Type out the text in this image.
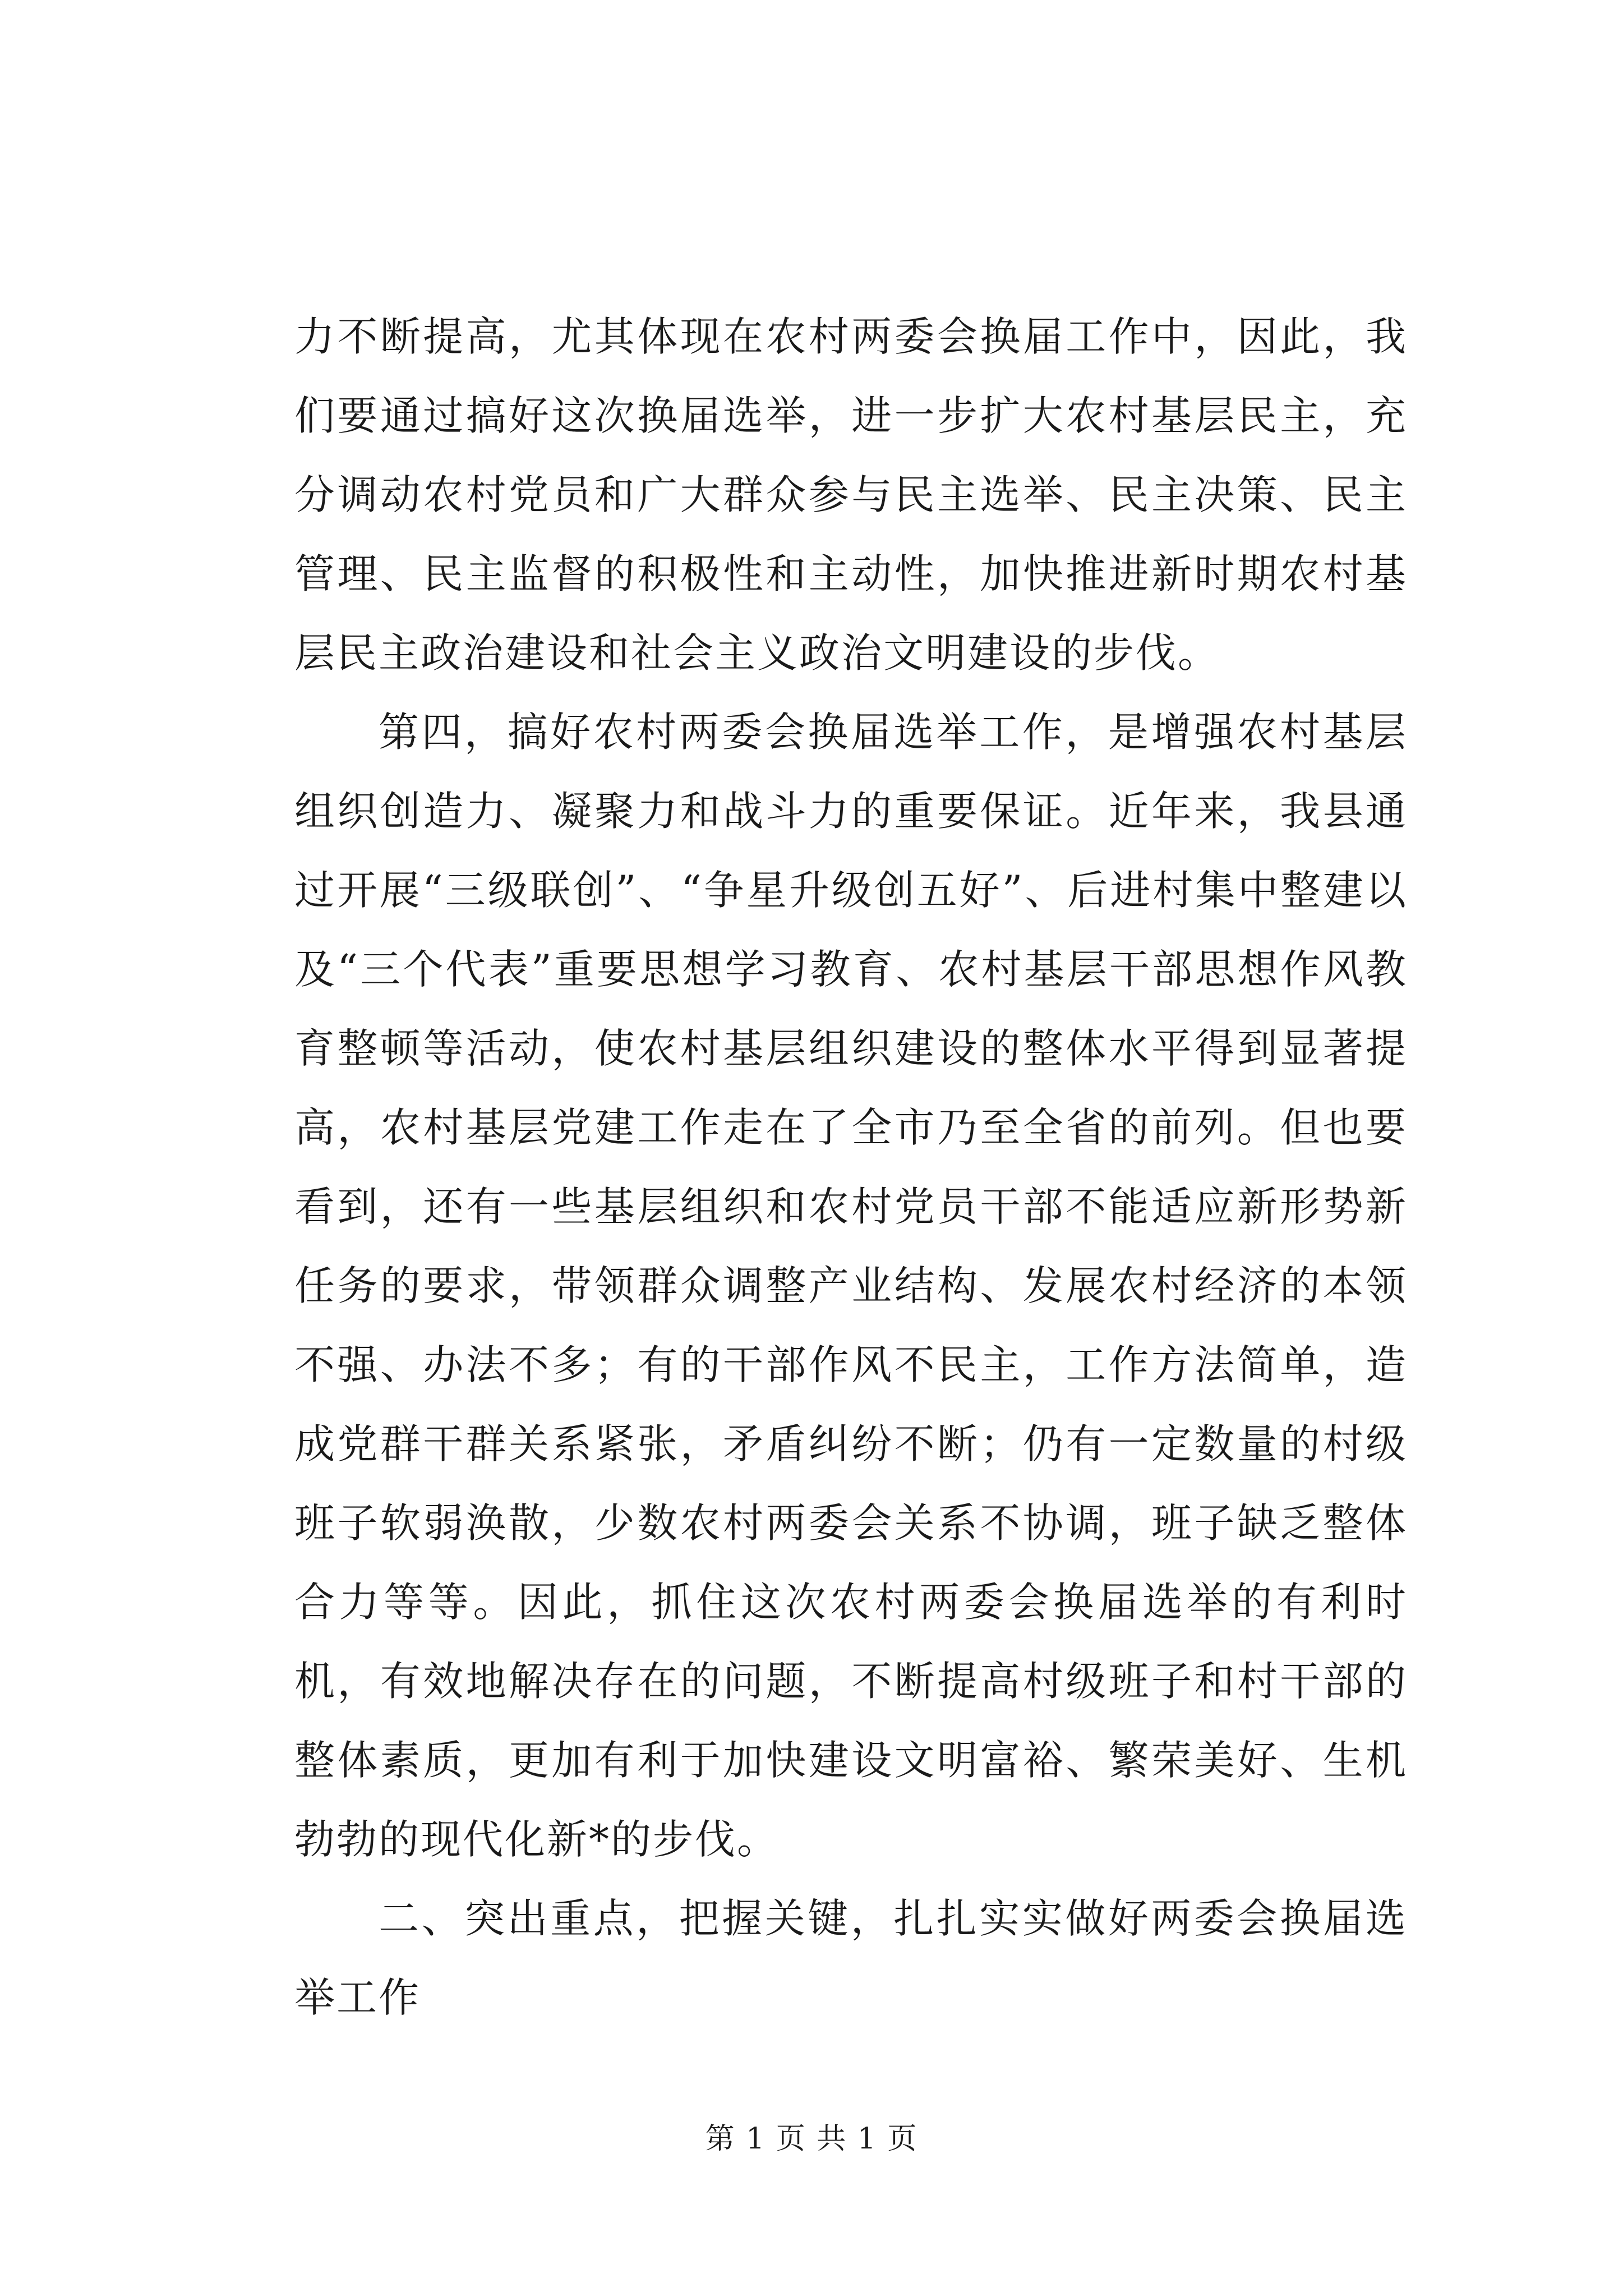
力不断提高，尤其体现在农村两委会换届工作中，因此，我们要通过搞好这次换届选举，进一步扩大农村基层民主，充分调动农村党员和广大群众参与民主选举、民主决策、民主管理、民主监督的积极性和主动性，加快推进新时期农村基层民主政治建设和社会主义政治文明建设的步伐。

第四，搞好农村两委会换届选举工作，是增强农村基层组织创造力、凝聚力和战斗力的重要保证。近年来，我县通过开展“三级联创”、“争星升级创五好”、后进村集中整建以及“三个代表”重要思想学习教育、农村基层干部思想作风教育整顿等活动，使农村基层组织建设的整体水平得到显著提高，农村基层党建工作走在了全市乃至全省的前列。但也要看到，还有一些基层组织和农村党员干部不能适应新形势新任务的要求，带领群众调整产业结构、发展农村经济的本领不强、办法不多；有的干部作风不民主，工作方法简单，造成党群干群关系紧张，矛盾纠纷不断；仍有一定数量的村级班子软弱涣散，少数农村两委会关系不协调，班子缺乏整体合力等等。因此，抓住这次农村两委会换届选举的有利时机，有效地解决存在的问题，不断提高村级班子和村干部的整体素质，更加有利于加快建设文明富裕、繁荣美好、生机勃勃的现代化新*的步伐。

二、突出重点，把握关键，扎扎实实做好两委会换届选举工作

第 1 页 共 1 页
